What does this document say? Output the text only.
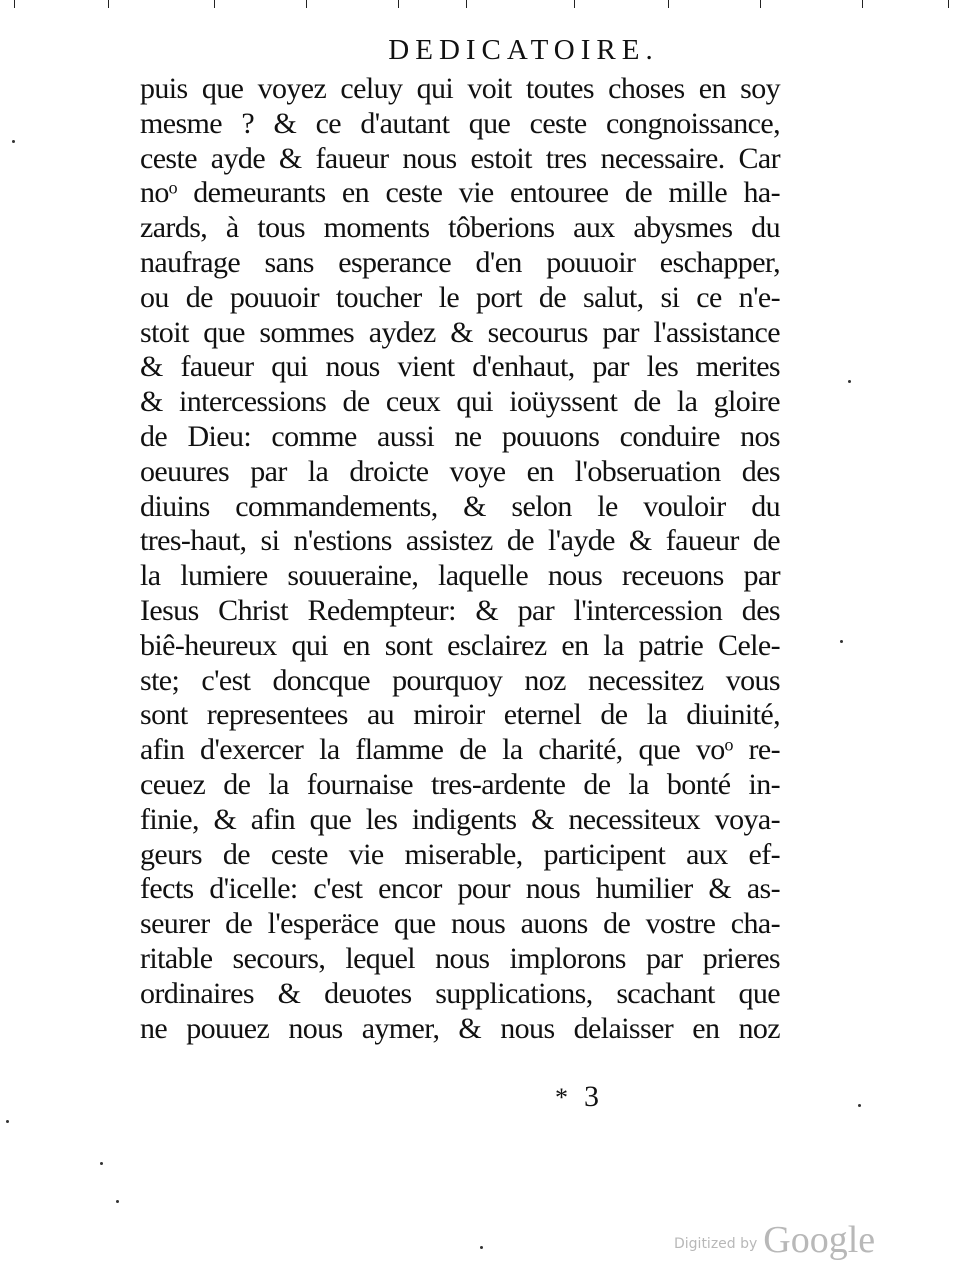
DEDICATOIRE.
puis que voyez celuy qui voit toutes choses en soy
mesme ? & ce d'autant que ceste congnoissance,
ceste ayde & faueur nous estoit tres necessaire. Car
noᵒ demeurants en ceste vie entouree de mille ha-
zards, à tous moments tôberions aux abysmes du
naufrage sans esperance d'en pouuoir eschapper,
ou de pouuoir toucher le port de salut, si ce n'e-
stoit que sommes aydez & secourus par l'assistance
& faueur qui nous vient d'enhaut, par les merites
& intercessions de ceux qui ioüyssent de la gloire
de Dieu: comme aussi ne pouuons conduire nos
oeuures par la droicte voye en l'obseruation des
diuins commandements, & selon le vouloir du
tres-haut, si n'estions assistez de l'ayde & faueur de
la lumiere souueraine, laquelle nous receuons par
Iesus Christ Redempteur: & par l'intercession des
biê-heureux qui en sont esclairez en la patrie Cele-
ste; c'est doncque pourquoy noz necessitez vous
sont representees au miroir eternel de la diuinité,
afin d'exercer la flamme de la charité, que voᵒ re-
ceuez de la fournaise tres-ardente de la bonté in-
finie, & afin que les indigents & necessiteux voya-
geurs de ceste vie miserable, participent aux ef-
fects d'icelle: c'est encor pour nous humilier & as-
seurer de l'esperäce que nous auons de vostre cha-
ritable secours, lequel nous implorons par prieres
ordinaires & deuotes supplications, scachant que
ne pouuez nous aymer, & nous delaisser en noz
* 3
Digitized by Google
